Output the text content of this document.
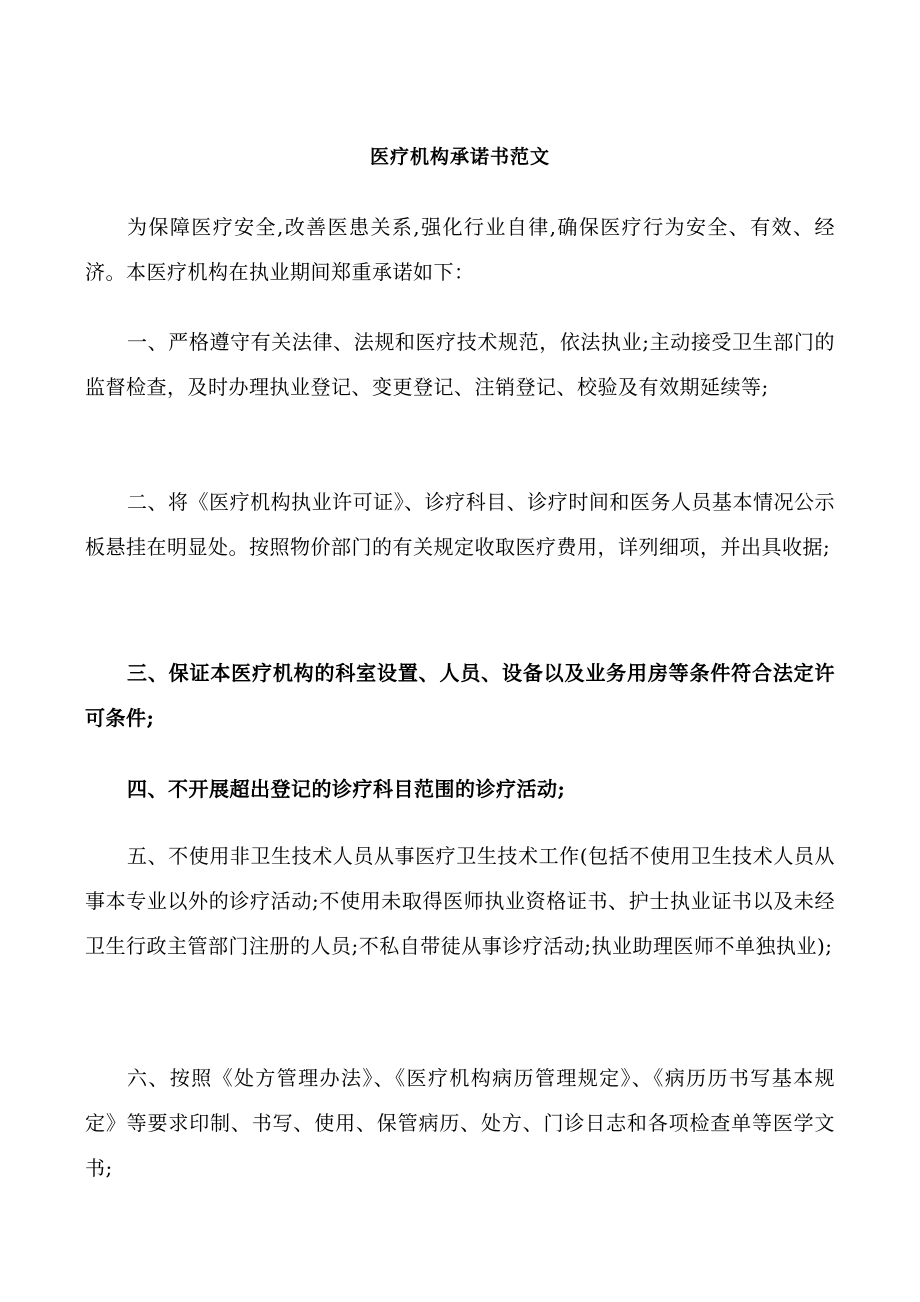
医疗机构承诺书范文

为保障医疗安全,改善医患关系,强化行业自律,确保医疗行为安全、有效、经济。本医疗机构在执业期间郑重承诺如下：

一、严格遵守有关法律、法规和医疗技术规范，依法执业;主动接受卫生部门的监督检查，及时办理执业登记、变更登记、注销登记、校验及有效期延续等;

二、将《医疗机构执业许可证》、诊疗科目、诊疗时间和医务人员基本情况公示板悬挂在明显处。按照物价部门的有关规定收取医疗费用，详列细项，并出具收据;

三、保证本医疗机构的科室设置、人员、设备以及业务用房等条件符合法定许可条件;

四、不开展超出登记的诊疗科目范围的诊疗活动;

五、不使用非卫生技术人员从事医疗卫生技术工作(包括不使用卫生技术人员从事本专业以外的诊疗活动;不使用未取得医师执业资格证书、护士执业证书以及未经卫生行政主管部门注册的人员;不私自带徒从事诊疗活动;执业助理医师不单独执业);

六、按照《处方管理办法》、《医疗机构病历管理规定》、《病历历书写基本规定》等要求印制、书写、使用、保管病历、处方、门诊日志和各项检查单等医学文书;
